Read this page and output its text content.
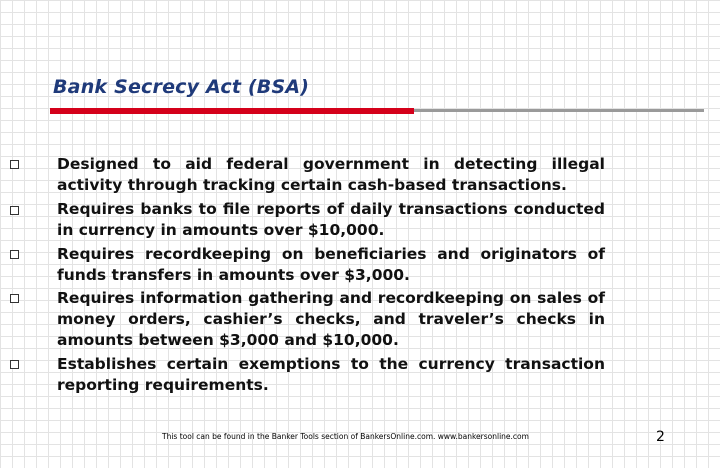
Bank Secrecy Act (BSA)
Designed to aid federal government in detecting illegal activity through tracking certain cash-based transactions.
Requires banks to file reports of daily transactions conducted in currency in amounts over $10,000.
Requires recordkeeping on beneficiaries and originators of funds transfers in amounts over $3,000.
Requires information gathering and recordkeeping on sales of money orders, cashier’s checks, and traveler’s checks in amounts between $3,000 and $10,000.
Establishes certain exemptions to the currency transaction reporting requirements.
This tool can be found in the Banker Tools section of BankersOnline.com. www.bankersonline.com	2
